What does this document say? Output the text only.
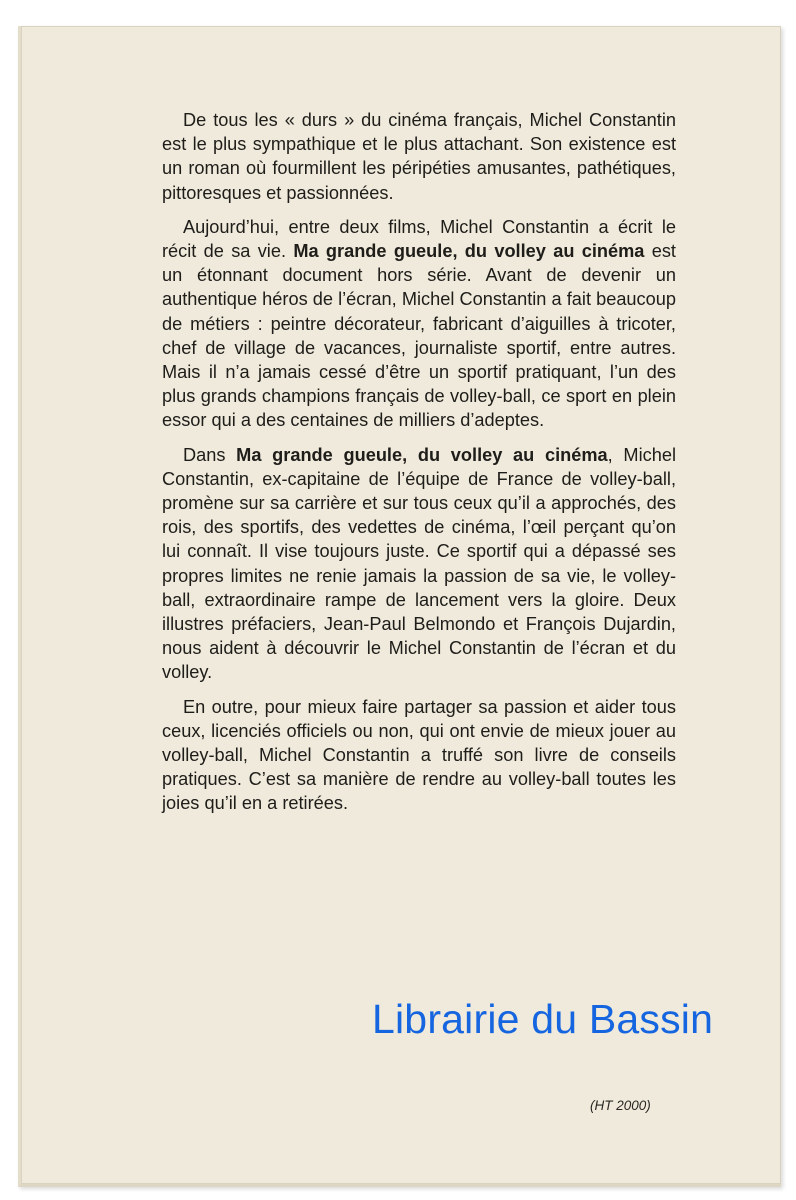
De tous les « durs » du cinéma français, Michel Constantin est le plus sympathique et le plus attachant. Son existence est un roman où fourmillent les péripéties amusantes, pathétiques, pittoresques et passionnées.

Aujourd’hui, entre deux films, Michel Constantin a écrit le récit de sa vie. Ma grande gueule, du volley au cinéma est un étonnant document hors série. Avant de devenir un authentique héros de l’écran, Michel Constantin a fait beaucoup de métiers : peintre décorateur, fabricant d’aiguilles à tricoter, chef de village de vacances, journaliste sportif, entre autres. Mais il n’a jamais cessé d’être un sportif pratiquant, l’un des plus grands champions français de volley-ball, ce sport en plein essor qui a des centaines de milliers d’adeptes.

Dans Ma grande gueule, du volley au cinéma, Michel Constantin, ex-capitaine de l’équipe de France de volley-ball, promène sur sa carrière et sur tous ceux qu’il a approchés, des rois, des sportifs, des vedettes de cinéma, l’œil perçant qu’on lui connaît. Il vise toujours juste. Ce sportif qui a dépassé ses propres limites ne renie jamais la passion de sa vie, le volley-ball, extraordinaire rampe de lancement vers la gloire. Deux illustres préfaciers, Jean-Paul Belmondo et François Dujardin, nous aident à découvrir le Michel Constantin de l’écran et du volley.

En outre, pour mieux faire partager sa passion et aider tous ceux, licenciés officiels ou non, qui ont envie de mieux jouer au volley-ball, Michel Constantin a truffé son livre de conseils pratiques. C’est sa manière de rendre au volley-ball toutes les joies qu’il en a retirées.

Librairie du Bassin
(HT 2000)
